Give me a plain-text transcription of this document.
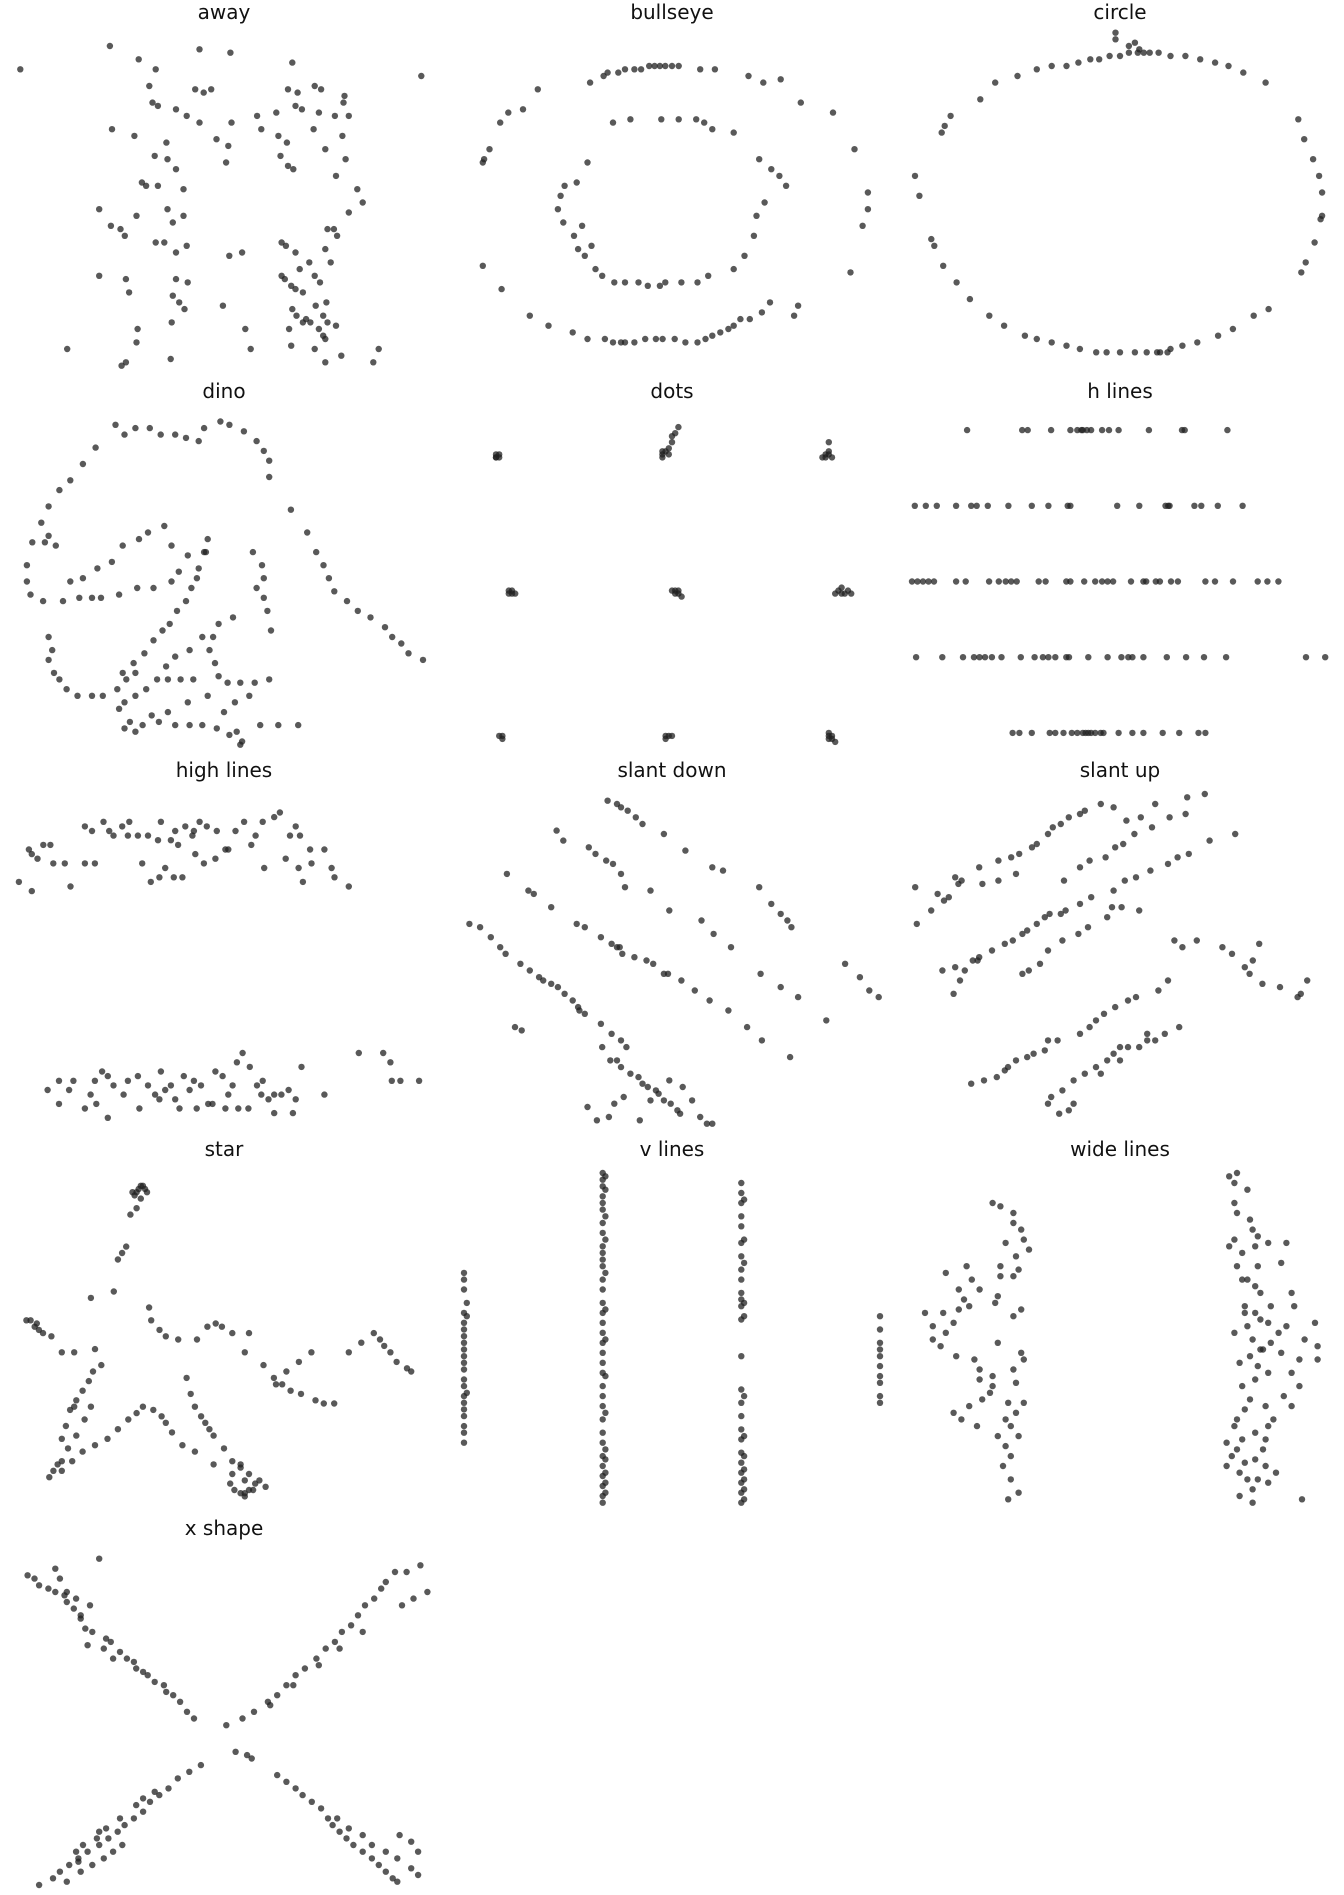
away	bullseye	circle
dino	dots	h lines
high lines	slant down	slant up
star	v lines	wide lines
x shape
